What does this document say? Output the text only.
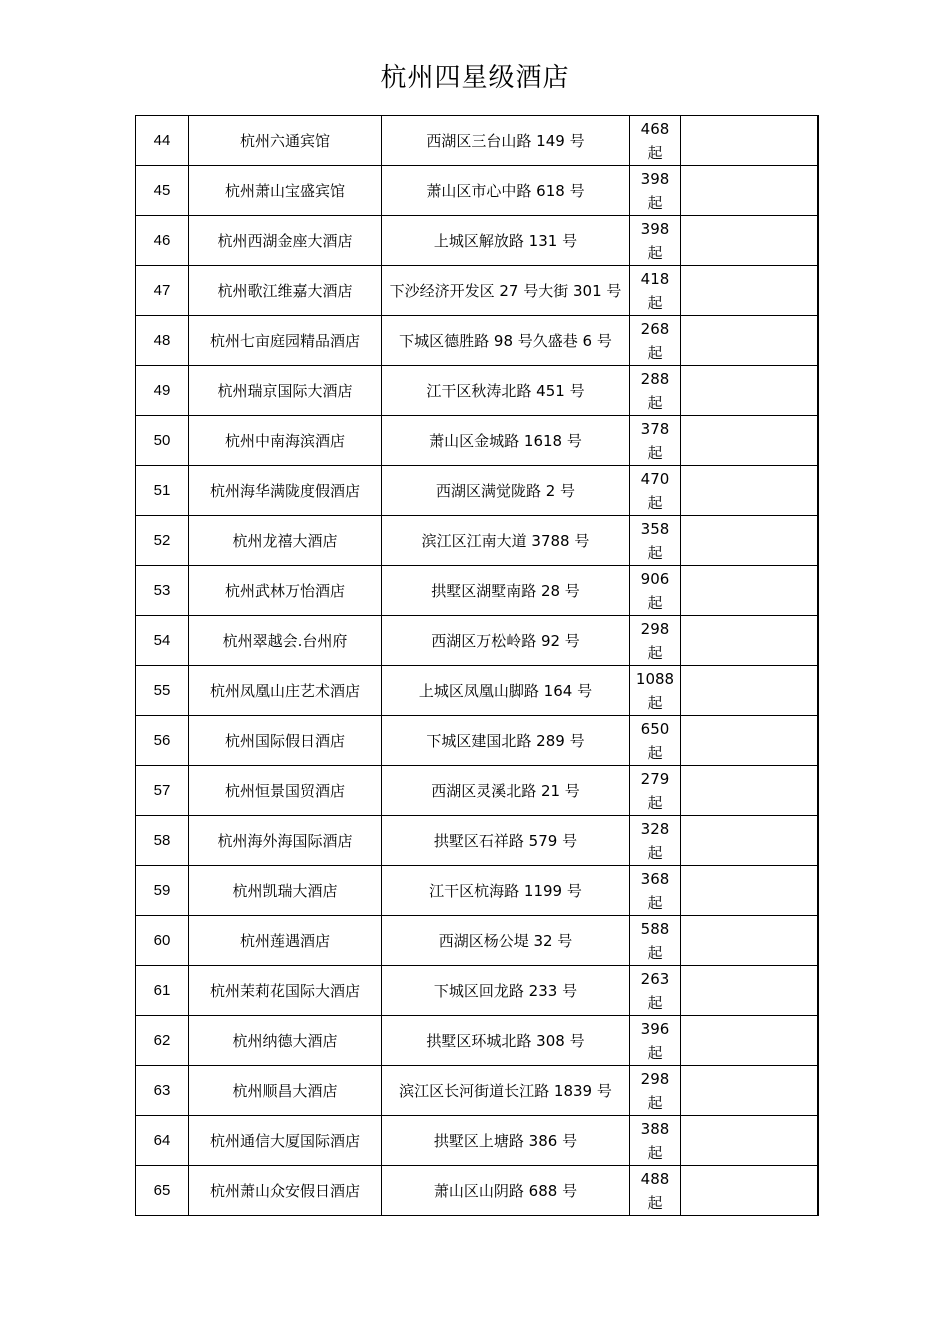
杭州四星级酒店
44	杭州六通宾馆	西湖区三台山路 149 号	468
起	
45	杭州萧山宝盛宾馆	萧山区市心中路 618 号	398
起	
46	杭州西湖金座大酒店	上城区解放路 131 号	398
起	
47	杭州歌江维嘉大酒店	下沙经济开发区 27 号大街 301 号	418
起	
48	杭州七亩庭园精品酒店	下城区德胜路 98 号久盛巷 6 号	268
起	
49	杭州瑞京国际大酒店	江干区秋涛北路 451 号	288
起	
50	杭州中南海滨酒店	萧山区金城路 1618 号	378
起	
51	杭州海华满陇度假酒店	西湖区满觉陇路 2 号	470
起	
52	杭州龙禧大酒店	滨江区江南大道 3788 号	358
起	
53	杭州武林万怡酒店	拱墅区湖墅南路 28 号	906
起	
54	杭州翠越会.台州府	西湖区万松岭路 92 号	298
起	
55	杭州凤凰山庄艺术酒店	上城区凤凰山脚路 164 号	1088
起	
56	杭州国际假日酒店	下城区建国北路 289 号	650
起	
57	杭州恒景国贸酒店	西湖区灵溪北路 21 号	279
起	
58	杭州海外海国际酒店	拱墅区石祥路 579 号	328
起	
59	杭州凯瑞大酒店	江干区杭海路 1199 号	368
起	
60	杭州莲遇酒店	西湖区杨公堤 32 号	588
起	
61	杭州茉莉花国际大酒店	下城区回龙路 233 号	263
起	
62	杭州纳德大酒店	拱墅区环城北路 308 号	396
起	
63	杭州顺昌大酒店	滨江区长河街道长江路 1839 号	298
起	
64	杭州通信大厦国际酒店	拱墅区上塘路 386 号	388
起	
65	杭州萧山众安假日酒店	萧山区山阴路 688 号	488
起	
